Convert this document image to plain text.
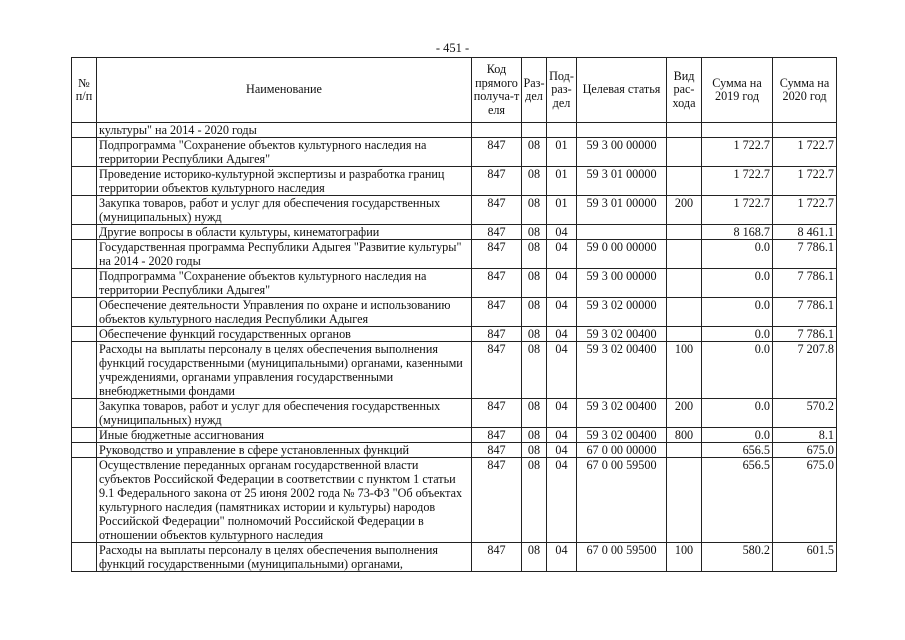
- 451 -
№ п/п	Наименование	Код прямого получа-т еля	Раз-дел	Под-раз-дел	Целевая статья	Вид рас-хода	Сумма на 2019 год	Сумма на 2020 год
	культуры" на 2014 - 2020 годы							
	Подпрограмма "Сохранение объектов культурного наследия на территории Республики Адыгея"	847	08	01	59 3 00 00000		1 722.7	1 722.7
	Проведение историко-культурной экспертизы и разработка границ территории объектов культурного наследия	847	08	01	59 3 01 00000		1 722.7	1 722.7
	Закупка товаров, работ и услуг для обеспечения государственных (муниципальных) нужд	847	08	01	59 3 01 00000	200	1 722.7	1 722.7
	Другие вопросы в области культуры, кинематографии	847	08	04			8 168.7	8 461.1
	Государственная программа Республики Адыгея "Развитие культуры" на 2014 - 2020 годы	847	08	04	59 0 00 00000		0.0	7 786.1
	Подпрограмма "Сохранение объектов культурного наследия на территории Республики Адыгея"	847	08	04	59 3 00 00000		0.0	7 786.1
	Обеспечение деятельности Управления по охране и использованию объектов культурного наследия Республики Адыгея	847	08	04	59 3 02 00000		0.0	7 786.1
	Обеспечение функций государственных органов	847	08	04	59 3 02 00400		0.0	7 786.1
	Расходы на выплаты персоналу в целях обеспечения выполнения функций государственными (муниципальными) органами, казенными учреждениями, органами управления государственными внебюджетными фондами	847	08	04	59 3 02 00400	100	0.0	7 207.8
	Закупка товаров, работ и услуг для обеспечения государственных (муниципальных) нужд	847	08	04	59 3 02 00400	200	0.0	570.2
	Иные бюджетные ассигнования	847	08	04	59 3 02 00400	800	0.0	8.1
	Руководство и управление в сфере установленных функций	847	08	04	67 0 00 00000		656.5	675.0
	Осуществление переданных органам государственной власти субъектов Российской Федерации в соответствии с пунктом 1 статьи 9.1 Федерального закона от 25 июня 2002 года № 73-ФЗ "Об объектах культурного наследия (памятниках истории и культуры) народов Российской Федерации" полномочий Российской Федерации в отношении объектов культурного наследия	847	08	04	67 0 00 59500		656.5	675.0
	Расходы на выплаты персоналу в целях обеспечения выполнения функций государственными (муниципальными) органами,	847	08	04	67 0 00 59500	100	580.2	601.5
